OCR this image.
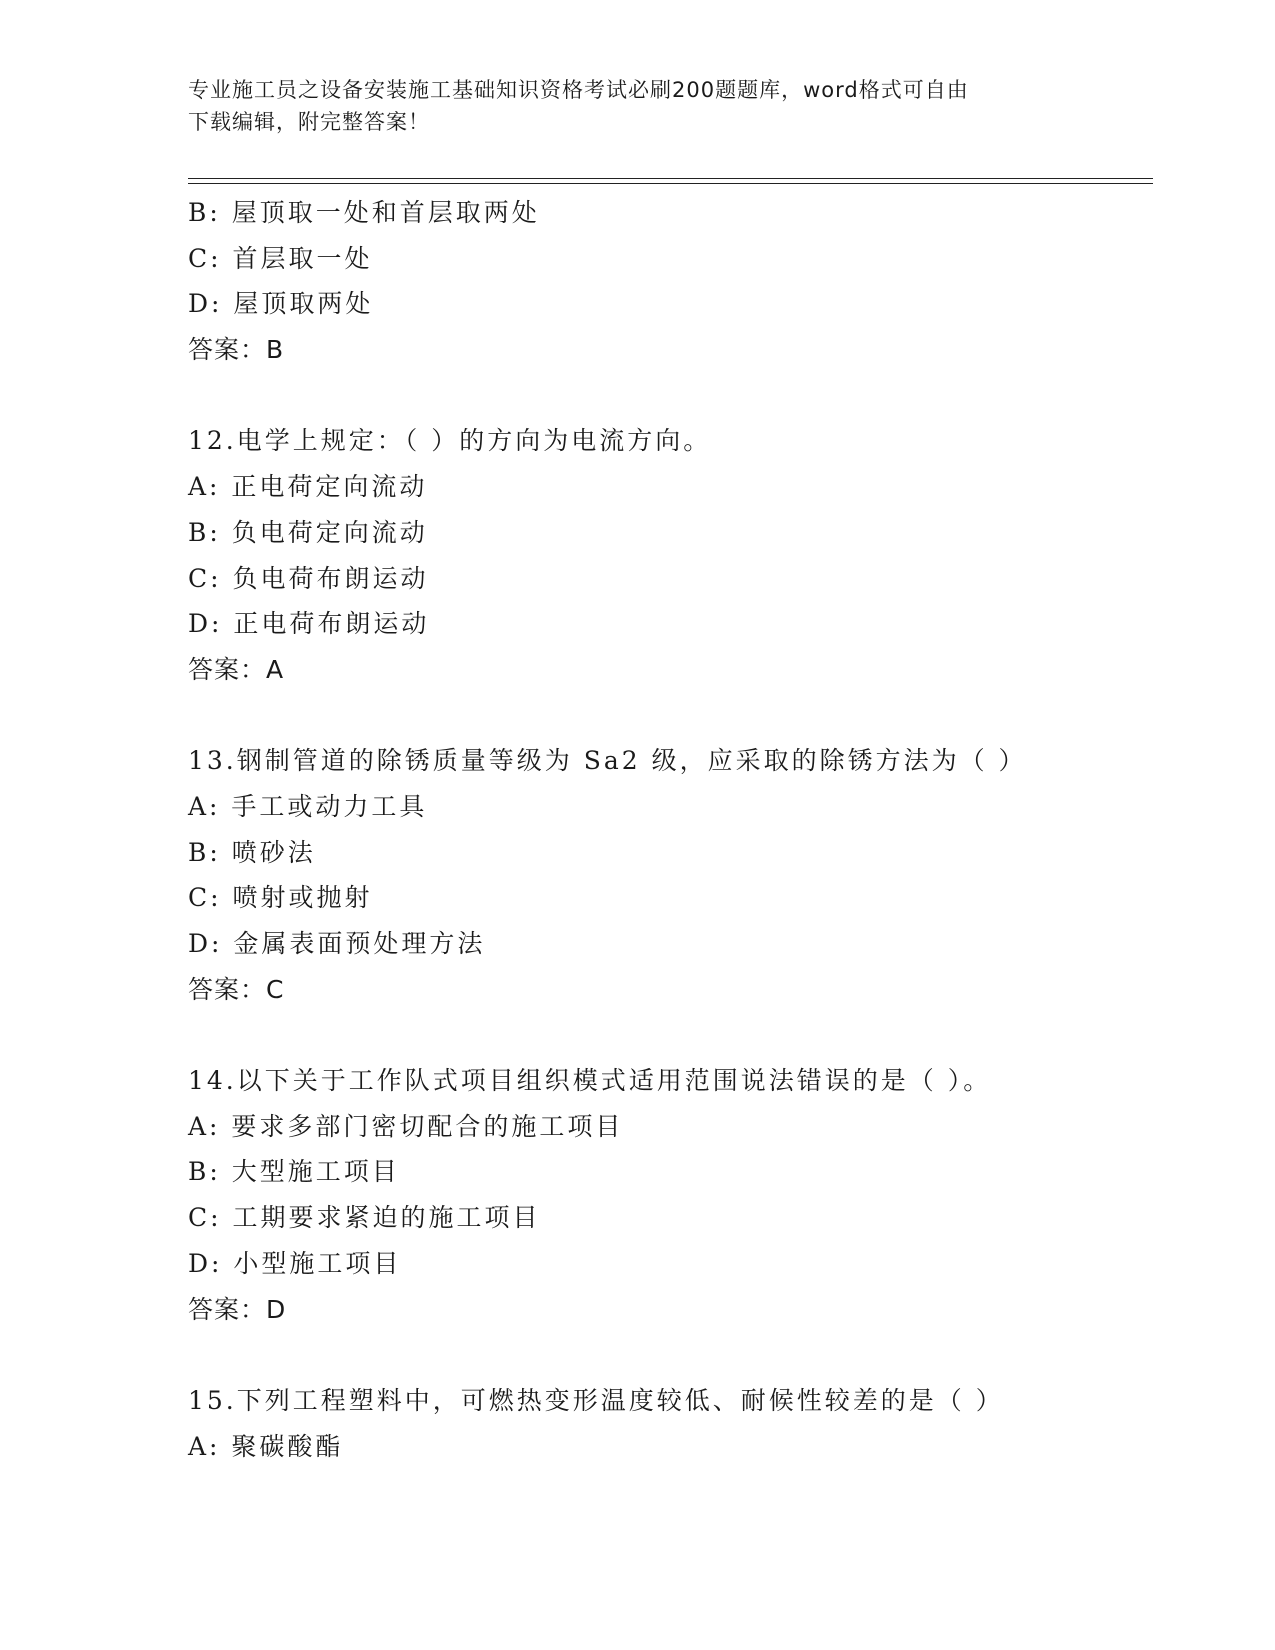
专业施工员之设备安装施工基础知识资格考试必刷200题题库，word格式可自由
下载编辑，附完整答案！
B: 屋顶取一处和首层取两处
C: 首层取一处
D: 屋顶取两处
答案：B
12.电学上规定：（ ）的方向为电流方向。
A: 正电荷定向流动
B: 负电荷定向流动
C: 负电荷布朗运动
D: 正电荷布朗运动
答案：A
13.钢制管道的除锈质量等级为 Sa2 级，应采取的除锈方法为（ ）
A: 手工或动力工具
B: 喷砂法
C: 喷射或抛射
D: 金属表面预处理方法
答案：C
14.以下关于工作队式项目组织模式适用范围说法错误的是（ ）。
A: 要求多部门密切配合的施工项目
B: 大型施工项目
C: 工期要求紧迫的施工项目
D: 小型施工项目
答案：D
15.下列工程塑料中，可燃热变形温度较低、耐候性较差的是（ ）
A: 聚碳酸酯
